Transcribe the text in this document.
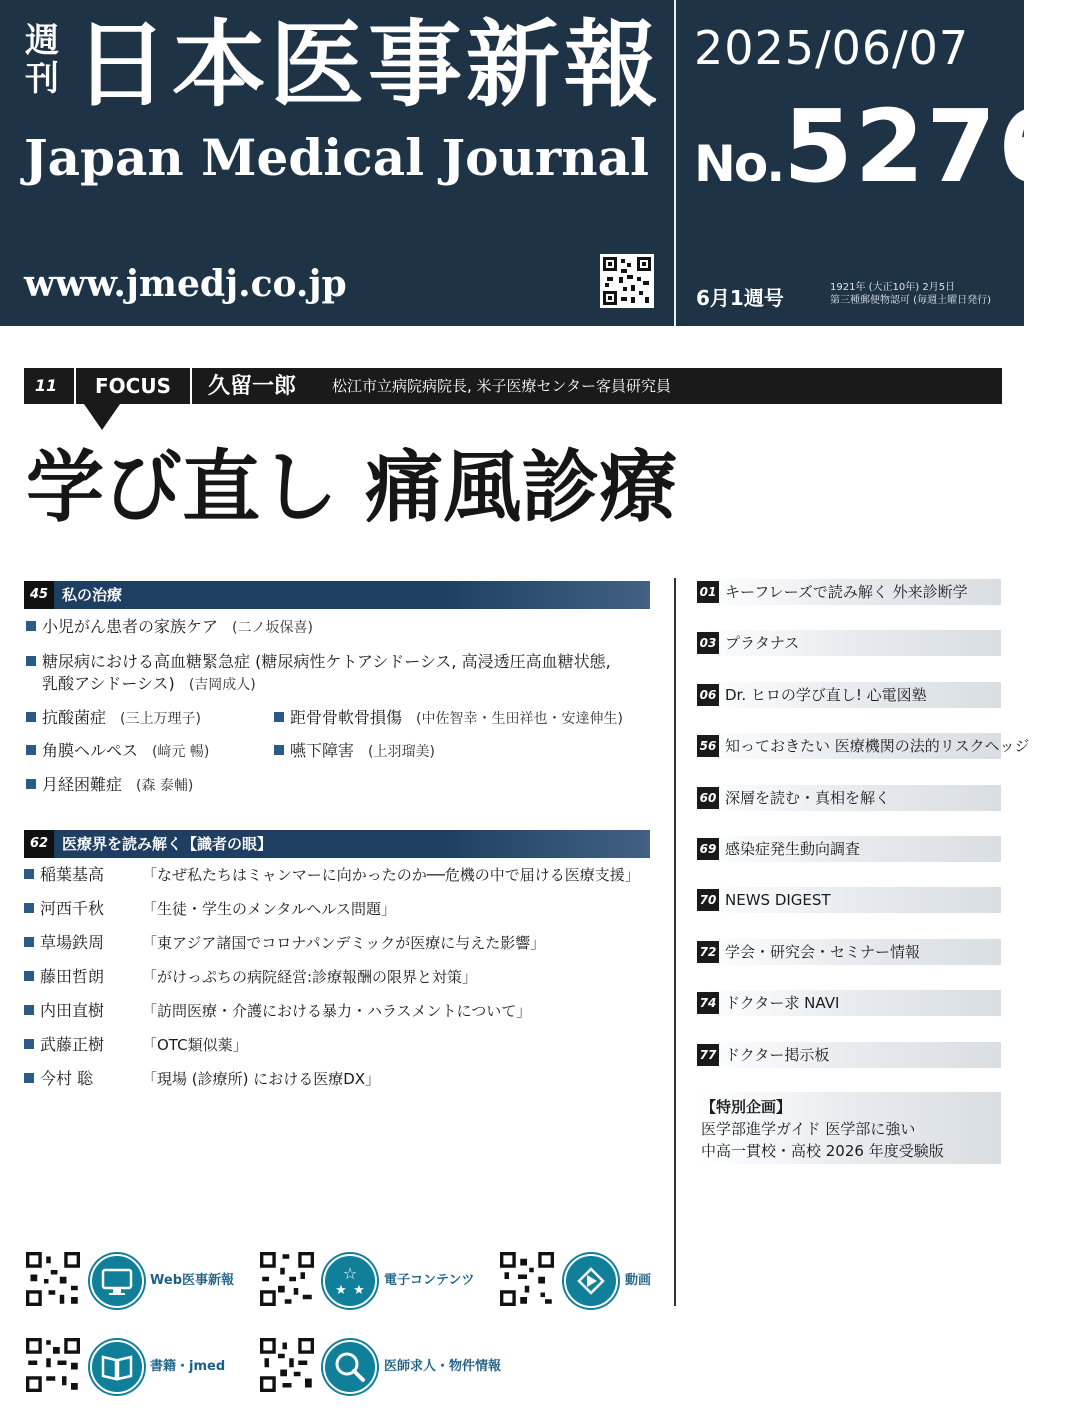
週刊 日本医事新報
Japan Medical Journal
www.jmedj.co.jp
2025/06/07
No.5276
6月1週号	1921年 (大正10年) 2月5日
第三種郵便物認可 (毎週土曜日発行)
11	FOCUS	久留一郎 松江市立病院病院長, 米子医療センター客員研究員
学び直し 痛風診療
45 私の治療
小児がん患者の家族ケア (二ノ坂保喜)
糖尿病における高血糖緊急症 (糖尿病性ケトアシドーシス, 高浸透圧高血糖状態,
乳酸アシドーシス) (吉岡成人)
抗酸菌症 (三上万理子)	距骨骨軟骨損傷 (中佐智幸・生田祥也・安達伸生)
角膜ヘルペス (﨑元 暢)	嚥下障害 (上羽瑠美)
月経困難症 (森 泰輔)
62 医療界を読み解く【識者の眼】
稲葉基高	「なぜ私たちはミャンマーに向かったのか──危機の中で届ける医療支援」
河西千秋	「生徒・学生のメンタルヘルス問題」
草場鉄周	「東アジア諸国でコロナパンデミックが医療に与えた影響」
藤田哲朗	「がけっぷちの病院経営:診療報酬の限界と対策」
内田直樹	「訪問医療・介護における暴力・ハラスメントについて」
武藤正樹	「OTC類似薬」
今村 聡	「現場 (診療所) における医療DX」
01 キーフレーズで読み解く 外来診断学
03 プラタナス
06 Dr. ヒロの学び直し! 心電図塾
56 知っておきたい 医療機関の法的リスクヘッジ
60 深層を読む・真相を解く
69 感染症発生動向調査
70 NEWS DIGEST
72 学会・研究会・セミナー情報
74 ドクター求 NAVI
77 ドクター掲示板
【特別企画】
医学部進学ガイド 医学部に強い
中高一貫校・高校 2026 年度受験版
Web医事新報	☆
★ ★
電子コンテンツ	動画
書籍・jmed	医師求人・物件情報
